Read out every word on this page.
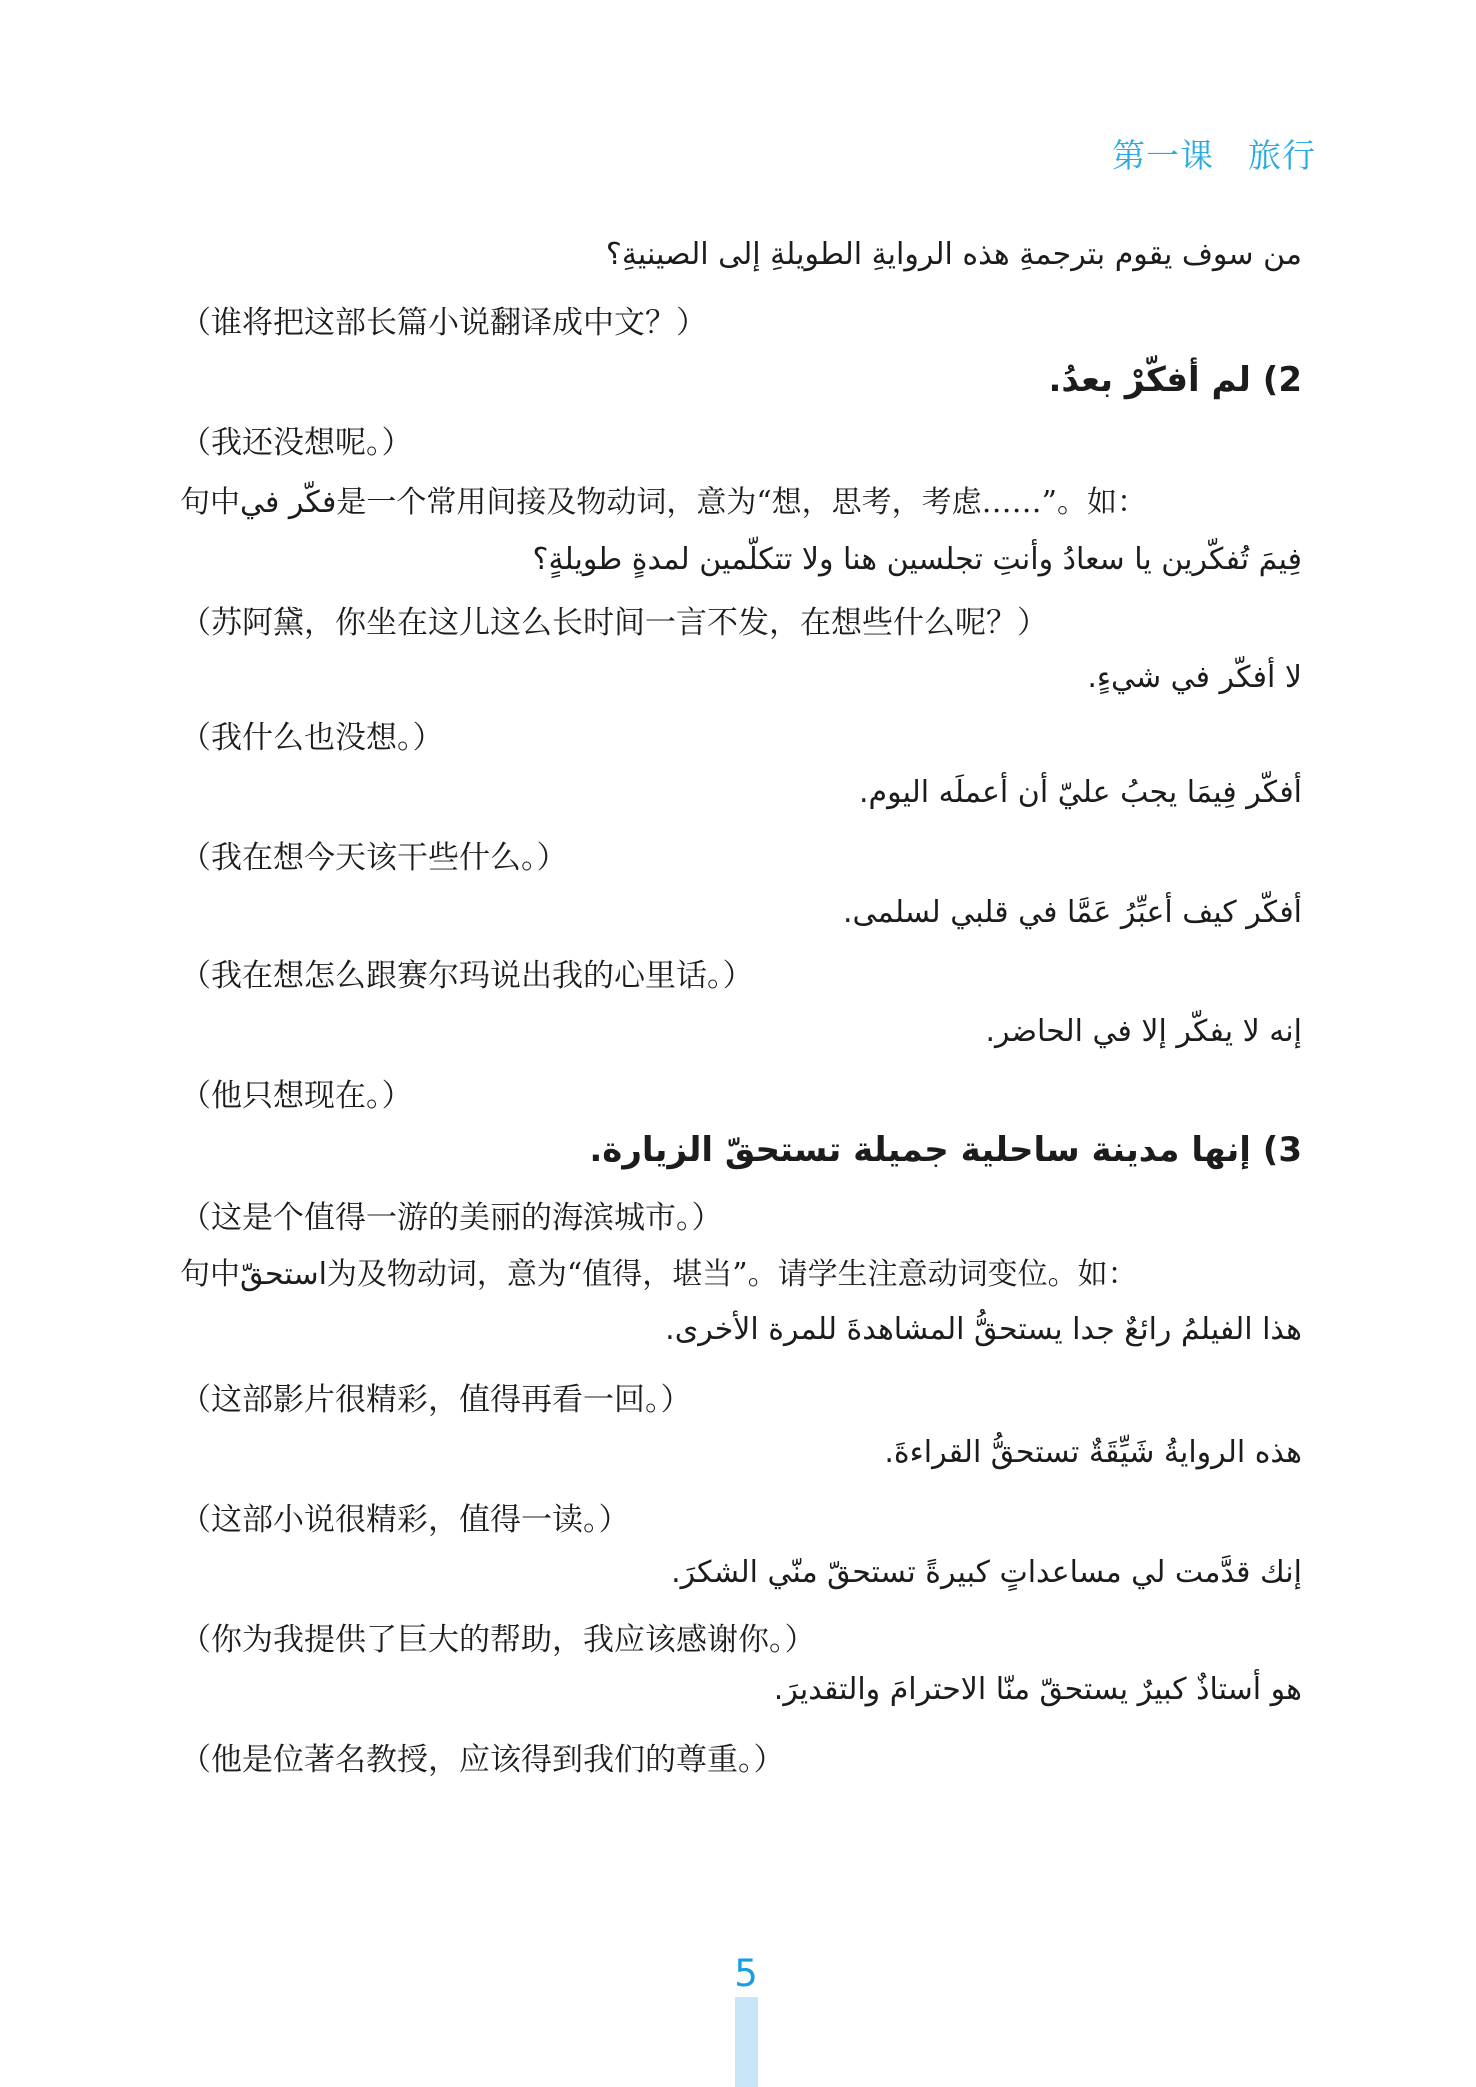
第一课　旅行
من سوف يقوم بترجمةِ هذه الروايةِ الطويلةِ إلى الصينيةِ؟
（谁将把这部长篇小说翻译成中文？）
2) لم أفكّرْ بعدُ.
（我还没想呢。）
句中فكّر في是一个常用间接及物动词，意为“想，思考，考虑……”。如：
فِيمَ تُفكّرين يا سعادُ وأنتِ تجلسين هنا ولا تتكلّمين لمدةٍ طويلةٍ؟
（苏阿黛，你坐在这儿这么长时间一言不发，在想些什么呢？）
لا أفكّر في شيءٍ.
（我什么也没想。）
أفكّر فِيمَا يجبُ عليّ أن أعملَه اليوم.
（我在想今天该干些什么。）
أفكّر كيف أعبِّرُ عَمَّا في قلبي لسلمى.
（我在想怎么跟赛尔玛说出我的心里话。）
إنه لا يفكّر إلا في الحاضر.
（他只想现在。）
3) إنها مدينة ساحلية جميلة تستحقّ الزيارة.
（这是个值得一游的美丽的海滨城市。）
句中استحقّ为及物动词，意为“值得，堪当”。请学生注意动词变位。如：
هذا الفيلمُ رائعٌ جدا يستحقُّ المشاهدةَ للمرة الأخرى.
（这部影片很精彩，值得再看一回。）
هذه الروايةُ شَيِّقَةٌ تستحقُّ القراءةَ.
（这部小说很精彩，值得一读。）
إنك قدَّمت لي مساعداتٍ كبيرةً تستحقّ منّي الشكرَ.
（你为我提供了巨大的帮助，我应该感谢你。）
هو أستاذٌ كبيرٌ يستحقّ منّا الاحترامَ والتقديرَ.
（他是位著名教授，应该得到我们的尊重。）
5
